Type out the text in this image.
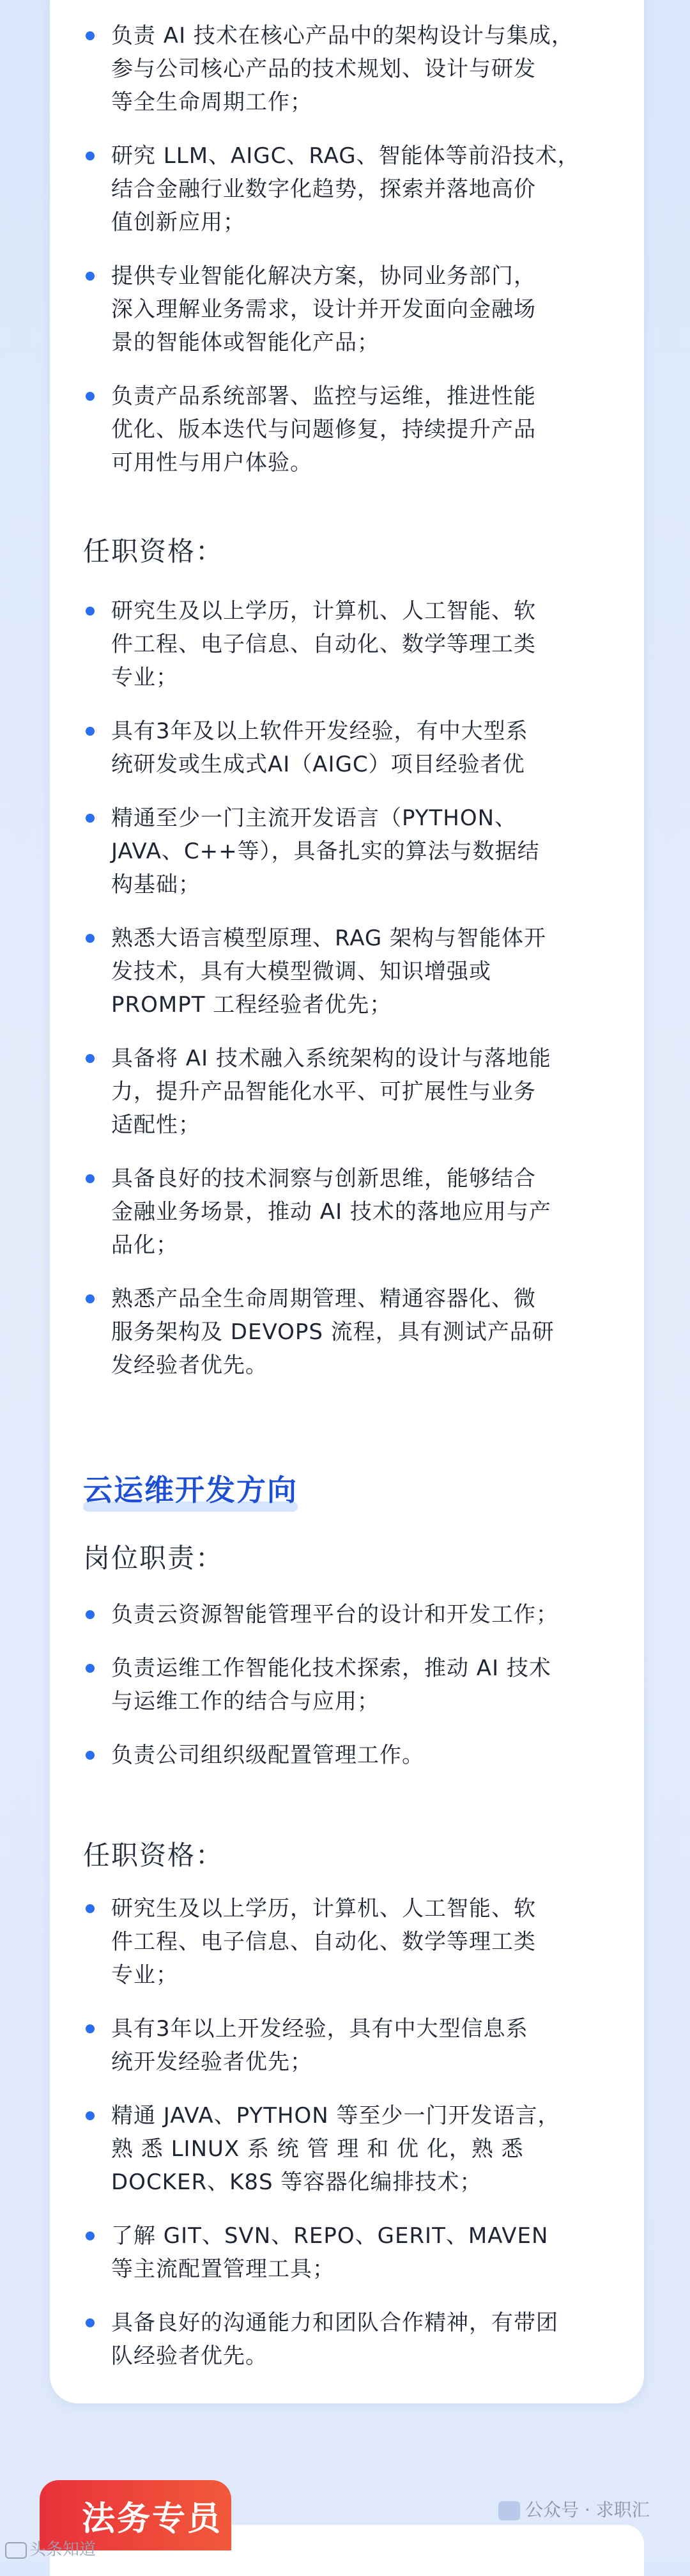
负责 AI 技术在核心产品中的架构设计与集成，
参与公司核心产品的技术规划、设计与研发
等全生命周期工作；
研究 LLM、AIGC、RAG、智能体等前沿技术，
结合金融行业数字化趋势，探索并落地高价
值创新应用；
提供专业智能化解决方案，协同业务部门，
深入理解业务需求，设计并开发面向金融场
景的智能体或智能化产品；
负责产品系统部署、监控与运维，推进性能
优化、版本迭代与问题修复，持续提升产品
可用性与用户体验。
任职资格：
研究生及以上学历，计算机、人工智能、软
件工程、电子信息、自动化、数学等理工类
专业；
具有3年及以上软件开发经验，有中大型系
统研发或生成式AI（AIGC）项目经验者优
精通至少一门主流开发语言（PYTHON、
JAVA、C++等），具备扎实的算法与数据结
构基础；
熟悉大语言模型原理、RAG 架构与智能体开
发技术，具有大模型微调、知识增强或
PROMPT 工程经验者优先；
具备将 AI 技术融入系统架构的设计与落地能
力，提升产品智能化水平、可扩展性与业务
适配性；
具备良好的技术洞察与创新思维，能够结合
金融业务场景，推动 AI 技术的落地应用与产
品化；
熟悉产品全生命周期管理、精通容器化、微
服务架构及 DEVOPS 流程，具有测试产品研
发经验者优先。
云运维开发方向
岗位职责：
负责云资源智能管理平台的设计和开发工作；
负责运维工作智能化技术探索，推动 AI 技术
与运维工作的结合与应用；
负责公司组织级配置管理工作。
任职资格：
研究生及以上学历，计算机、人工智能、软
件工程、电子信息、自动化、数学等理工类
专业；
具有3年以上开发经验，具有中大型信息系
统开发经验者优先；
精通 JAVA、PYTHON 等至少一门开发语言，
熟 悉 LINUX 系 统 管 理 和 优 化，熟 悉
DOCKER、K8S 等容器化编排技术；
了解 GIT、SVN、REPO、GERIT、MAVEN
等主流配置管理工具；
具备良好的沟通能力和团队合作精神，有带团
队经验者优先。
法务专员	公众号 · 求职汇
头条知道
